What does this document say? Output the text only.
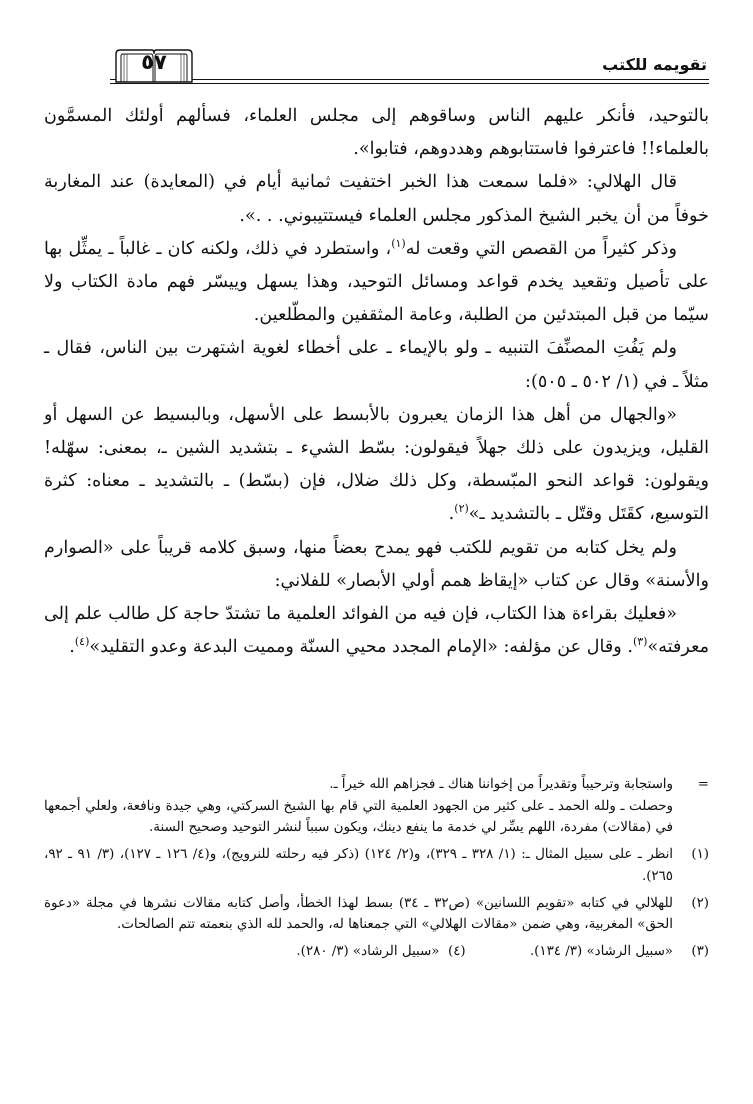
تقويمه للكتب
٥٧

بالتوحيد، فأنكر عليهم الناس وساقوهم إلى مجلس العلماء، فسألهم أولئك المسمَّون بالعلماء!! فاعترفوا فاستتابوهم وهددوهم، فتابوا».

قال الهلالي: «فلما سمعت هذا الخبر اختفيت ثمانية أيام في (المعايدة) عند المغاربة خوفاً من أن يخبر الشيخ المذكور مجلس العلماء فيستتيبوني. . .».

وذكر كثيراً من القصص التي وقعت له$^{(١)}$، واستطرد في ذلك، ولكنه كان ـ غالباً ـ يمثِّل بها على تأصيل وتقعيد يخدم قواعد ومسائل التوحيد، وهذا يسهل وييسّر فهم مادة الكتاب ولا سيّما من قبل المبتدئين من الطلبة، وعامة المثقفين والمطّلعين.

ولم يَفُتِ المصنِّفَ التنبيه ـ ولو بالإيماء ـ على أخطاء لغوية اشتهرت بين الناس، فقال ـ مثلاً ـ في (١/ ٥٠٢ ـ ٥٠٥):

«والجهال من أهل هذا الزمان يعبرون بالأبسط على الأسهل، وبالبسيط عن السهل أو القليل، ويزيدون على ذلك جهلاً فيقولون: بسّط الشيء ـ بتشديد الشين ـ، بمعنى: سهّله! ويقولون: قواعد النحو المبّسطة، وكل ذلك ضلال، فإن (بسّط) ـ بالتشديد ـ معناه: كثرة التوسيع، كقَتَل وقتّل ـ بالتشديد ـ»$^{(٢)}$.

ولم يخل كتابه من تقويم للكتب فهو يمدح بعضاً منها، وسبق كلامه قريباً على «الصوارم والأسنة» وقال عن كتاب «إيقاظ همم أولي الأبصار» للفلاني:

«فعليك بقراءة هذا الكتاب، فإن فيه من الفوائد العلمية ما تشتدّ حاجة كل طالب علم إلى معرفته»$^{(٣)}$. وقال عن مؤلفه: «الإمام المجدد محيي السنّة ومميت البدعة وعدو التقليد»$^{(٤)}$.

=

واستجابة وترحيباً وتقديراً من إخواننا هناك ـ فجزاهم الله خيراً ـ.

وحصلت ـ ولله الحمد ـ على كثير من الجهود العلمية التي قام بها الشيخ السركتي، وهي جيدة ونافعة، ولعلي أجمعها في (مقالات) مفردة، اللهم يسِّر لي خدمة ما ينفع دينك، ويكون سبباً لنشر التوحيد وصحيح السنة.

(١)

انظر ـ على سبيل المثال ـ: (١/ ٣٢٨ ـ ٣٢٩)، و(٢/ ١٢٤) (ذكر فيه رحلته للنرويج)، و(٤/ ١٢٦ ـ ١٢٧)، (٣/ ٩١ ـ ٩٢، ٢٦٥).

(٢)

للهلالي في كتابه «تقويم اللسانين» (ص٣٢ ـ ٣٤) بسط لهذا الخطأ، وأصل كتابه مقالات نشرها في مجلة «دعوة الحق» المغربية، وهي ضمن «مقالات الهلالي» التي جمعناها له، والحمد لله الذي بنعمته تتم الصالحات.

(٣)
«سبيل الرشاد» (٣/ ١٣٤). (٤)  «سبيل الرشاد» (٣/ ٢٨٠).
